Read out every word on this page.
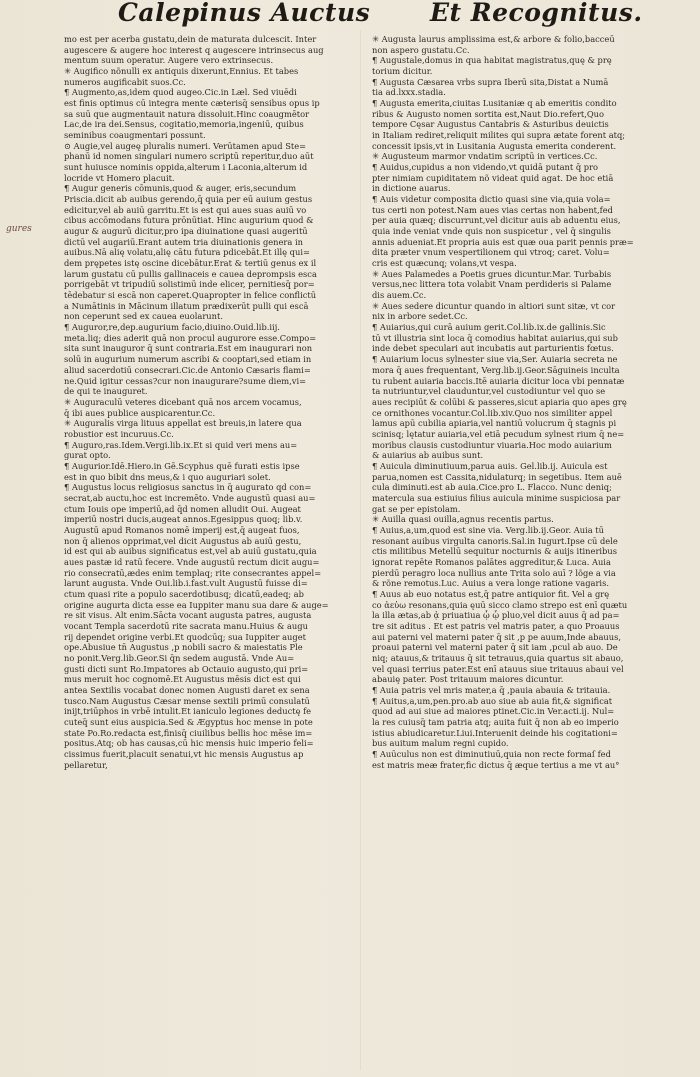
Calepinus Auctus Et Recognitus.
gures
mo est per acerba gustatu,dein de maturata dulcescit. Inter
augescere & augere hoc interest q augescere intrinsecus aug
mentum suum operatur. Augere vero extrinsecus.
✳ Augifico nõnulli ex antiquis dixerunt,Ennius. Et tabes
numeros augificabit suos.Cc.
¶ Augmento,as,idem quod augeo.Cic.in Læl. Sed viuēdi
est finis optimus cū integra mente cæterisq̄ sensibus opus ip
sa suū que augmentauit natura dissoluit.Hinc coaugmētor
Lac,de ira dei.Sensus, cogitatio,memoria,ingeniū, quibus
seminibus coaugmentari possunt.
⊙ Augie,vel augeę pluralis numeri. Verūtamen apud Ste=
phanū id nomen singulari numero scriptū reperitur,duo aūt
sunt huiusce nominis oppida,alterum i Laconia,alterum id
locride vt Homero placuit.
¶ Augur generis cōmunis,quod & auger, eris,secundum
Priscia.dicit ab auibus gerendo,q̄ quia per eū auium gestus
edicitur,vel ab auiū garritu.Et is est qui aues suas auiū vo
cibus accōmodans futura prōnūtiat. Hinc augurium quod &
augur & augurū dicitur,pro ipa diuinatione quasi augeritū
dictū vel augariū.Erant autem tria diuinationis genera in
auibus.Nā alię volatu,alię cātu futura pdicebāt.Et illę qui=
dem prępetes istę oscine dicebātur.Erat & tertiū genus ex il
larum gustatu cū pullis gallinaceis e cauea deprompsis esca
porrigebāt vt tripudiū solistimū inde elicer, pernitiesq̄ por=
tēdebatur si escā non caperet.Quapropter in felice conflictū
a Numātinis in Mācinum illatum prædixerūt pulli qui escā
non ceperunt sed ex cauea euolarunt.
¶ Auguror,re,dep.augurium facio,diuino.Ouid.lib.iij.
meta.liq; dies aderit quā non procul augurore esse.Compo=
sita sunt inauguror q̄ sunt contraria.Est em inaugurari non
solū in augurium numerum ascribi & cooptari,sed etiam in
aliud sacerdotiū consecrari.Cic.de Antonio Cæsaris flami=
ne.Quid igitur cessas?cur non inaugurare?sume diem,vi=
de qui te inauguret.
✳ Auguraculū veteres dicebant quā nos arcem vocamus,
q̄ ibi aues publice auspicarentur.Cc.
✳ Auguralis virga lituus appellat̄ est breuis,in latere qua
robustior est incuruus.Cc.
¶ Auguro,ras.Idem.Vergi.lib.ix.Et si quid veri mens au=
gurat opto.
¶ Augurior.Idē.Hiero.in Gē.Scyphus quē furati estis ipse
est in quo bibit dns meus,& i quo auguriari solet.
¶ Augustus locus religiosus sanctus in q̄ augurato qd con=
secrat̄,ab auctu,hoc est incremēto. Vnde augustū quasi au=
ctum Iouis ope imperiū,ad q̄d nomen alludit Oui. Augeat
imperiū nostri ducis,augeat annos.Egesippus quoq; lib.v.
Augustū apud Romanos nomē imperij est,q̄ augeat fuos,
non q̄ alienos opprimat,vel dicit Augustus ab auiū gestu,
id est qui ab auibus significatus est,vel ab auiū gustatu,quia
aues pastæ id ratū fecere. Vnde augustū rectum dicit augu=
rio consecratū,ædes enim templaq; rite consecrantes appel=
larunt augusta. Vnde Oui.lib.i.fast.vult Augustū fuisse di=
ctum quasi rite a populo sacerdotibusq; dicatū,eadeq; ab
origine augurta dicta esse ea Iuppiter manu sua dare & auge=
re sit visus. Alt enim.Sācta vocant augusta patres, augusta
vocant Templa sacerdotū rite sacrata manu.Huius & augu
rij dependet origine verbi.Et quodcūq; sua Iuppiter auget
ope.Abusiue tn̄ Augustus ,p nobili sacro & maiestatis Ple
no ponit.Verg.lib.Geor.Si q̄n sedem augustā. Vnde Au=
gusti dicti sunt Ro.Impatores ab Octauio augusto,qui pri=
mus meruit hoc cognomē.Et Augustus mēsis dict̄ est qui
antea Sextilis vocabat̄ donec nomen Augusti daret̄ ex sena
tusco.Nam Augustus Cæsar mense sextili primū consulatū
inijt,triūphos in vrbē intulit.Et ianiculo legiones deductę fe
cuteq̄ sunt eius auspicia.Sed & Ægyptus hoc mense in pote
state Po.Ro.redacta est,finisq̄ ciuilibus bellis hoc mēse im=
positus.Atq; ob has causas,cū hic mensis huic imperio feli=
cissimus fuerit,placuit senatui,vt hic mensis Augustus ap
pellaretur,
✳ Augusta laurus amplissima est,& arbore & folio,bacceū
non aspero gustatu.Cc.
¶ Augustale,domus in qua habitat magistratus,quę & prę
torium dicitur.
¶ Augusta Cæsarea vrbs supra Iberū sita,Distat a Numā
tia ad.lxxx.stadia.
¶ Augusta emerita,ciuitas Lusitaniæ q ab emeritis condito
ribus & Augusto nomen sortita est,Naut Dio.refert,Quo
tempore Cęsar Augustus Cantabris & Asturibus deuictis
in Italiam rediret,reliquit milites qui supra ætate forent atq;
concessit ipsis,vt in Lusitania Augusta emerita conderent.
✳ Augusteum marmor vndatim scriptū in vertices.Cc.
¶ Auidus,cupidus a non videndo,vt quidā putant q̄ pro
pter nimiam cupiditatem nõ videat quid agat. De hoc etiā
in dictione auarus.
¶ Auis videtur composita dictio quasi sine via,quia vola=
tus certi non potest.Nam aues vias certas non habent,fed
per auia quæq; discurrunt,vel dicitur auis ab aduentu eius,
quia inde veniat vnde quis non suspicetur , vel q̄ singulis
annis adueniat.Et propria auis est quæ oua parit pennis præ=
dita præter vnum vespertilionem qui vtroq; caret. Volu=
cris est quæcunq; volans,vt vespa.
✳ Aues Palamedes a Poetis grues dicuntur.Mar. Turbabis
versus,nec littera tota volabit Vnam perdideris si Palame
dis auem.Cc.
✳ Aues sedere dicuntur quando in altiori sunt sitæ, vt cor
nix in arbore sedet.Cc.
¶ Auiarius,qui curā auium gerit.Col.lib.ix.de gallinis.Sic
tū vt illustria sint loca q̄ comodius habitat auiarius,qui sub
inde debet speculari aut incubatis aut parturientis fœtus.
¶ Auiarium locus sylnester siue via,Ser. Auiaria secreta ne
mora q̄ aues frequentant, Verg.lib.ij.Geor.Sāguineis inculta
tu rubent auiaria baccis.Itē auiaria dicitur loca vbi pennatæ
ta nutriuntur,vel clauduntur,vel custodiuntur vel quo se
aues recipiūt & colūbi & passeres,sicut apiaria quo apes grę
ce ornithones vocantur.Col.lib.xiv.Quo nos similiter appel
lamus apū cubilia apiaria,vel nantiū volucrum q̄ stagnis pi
scinisq; lętatur auiaria,vel etiā pecudum sylnest rium q̄ ne=
moribus clausis custodiuntur viuaria.Hoc modo auiarium
& auiarius ab auibus sunt.
¶ Auicula diminutiuum,parua auis. Gel.lib.ij. Auicula est
parua,nomen est Cassita,nidulaturq; in segetibus. Item auē
cula diminuti.est ab auia.Cice.pro L. Flacco. Nunc deniq;
matercula sua estiuius filius auicula minime suspiciosa par
gat se per epistolam.
✳ Auilla quasi ouilla,agnus recentis partus.
¶ Auius,a,um,quod est sine via. Verg.lib.ij.Geor. Auia tū
resonant auibus virgulta canoris.Sal.in Iugurt.Ipse cū dele
ctis militibus Metellū sequitur nocturnis & auijs itineribus
ignorat̄ repēte Romanos palātes aggreditur,& Luca. Auia
pierdū peragro loca nullius ante Trita solo auī ? lõge a via
& rõne remotus.Luc. Auius a vera longe ratione vagaris.
¶ Auus ab euo notatus est,q̄ patre antiquior fit. Vel a grę
co ἀεὐω resonans,quia ęuū sicco clamo strepo est enī quætu
la illa ætas,ab ᾀ priuatiua ᾧ ᾧ pluo,vel dicit auus q̄ ad pa=
tre sit aditus . Et est patris vel matris pater, a quo Proauus
aui paterni vel materni pater q̄ sit ,p pe auum,Inde abauus,
proaui paterni vel materni pater q̄ sit iam ,pcul ab auo. De
niq; atauus,& tritauus q̄ sit tetrauus,quia quartus sit abauo,
vel quasi terrius pater.Est enī atauus siue tritauus abaui vel
abauię pater. Post tritauum maiores dicuntur.
¶ Auia patris vel mris mater,a q̄ ,pauia abauia & tritauia.
¶ Auitus,a,um,pen.pro.ab auo siue ab auia fit,& significat
quod ad aui siue ad maiores ptinet.Cic.in Ver.acti.ij. Nul=
la res cuiusq̄ tam patria atq; auita fuit q̄ non ab eo imperio
istius abiudicaretur.Liui.Interuenit deinde his cogitationi=
bus auitum malum regni cupido.
¶ Auūculus non est diminutiuū,quia non recte formaſ fed
est matris meæ frater,fic dictus q̄ æque tertius a me vt au°
